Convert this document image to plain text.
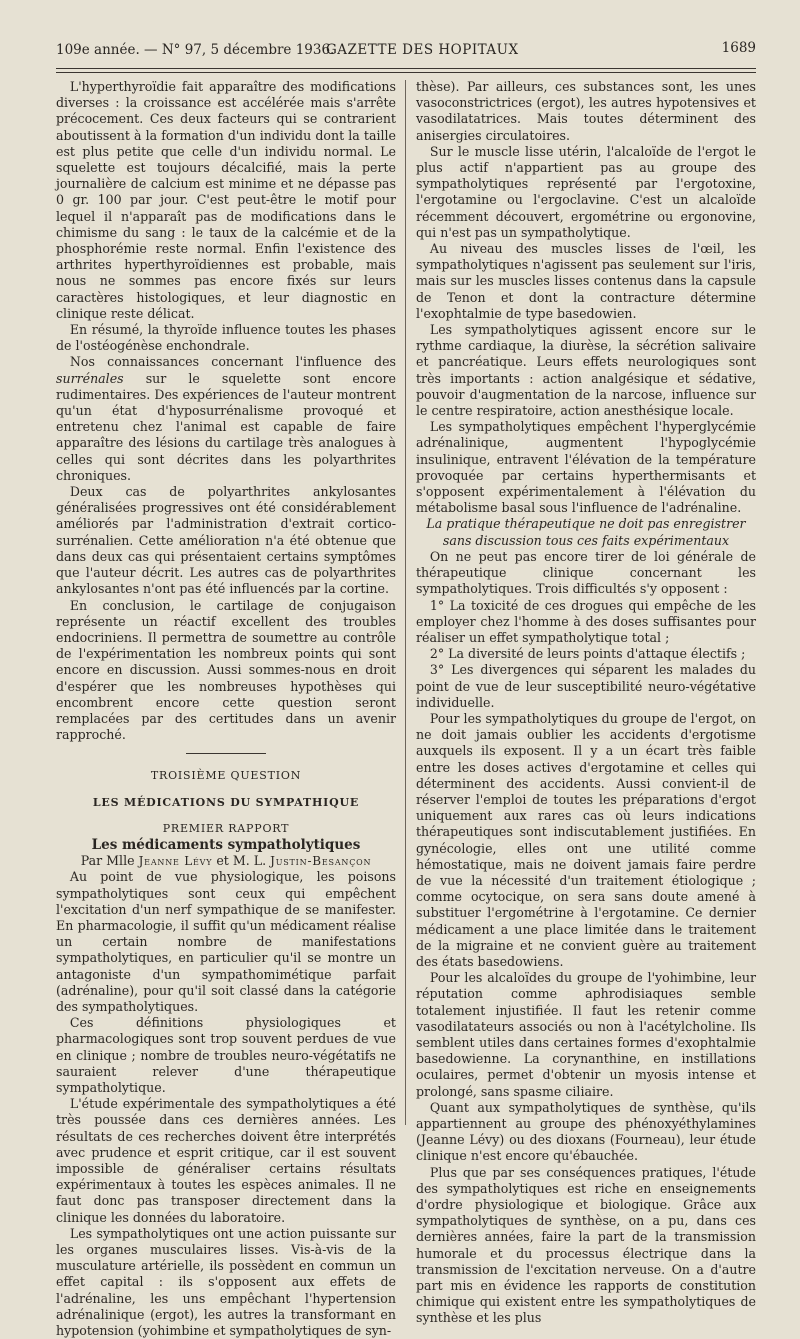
109e année. — N° 97, 5 décembre 1936.
GAZETTE DES HOPITAUX	1689

L'hyperthyroïdie fait apparaître des modifications diverses : la croissance est accélérée mais s'arrête précocement. Ces deux facteurs qui se contrarient aboutissent à la formation d'un individu dont la taille est plus petite que celle d'un individu normal. Le squelette est toujours décalcifié, mais la perte journalière de calcium est minime et ne dépasse pas 0 gr. 100 par jour. C'est peut-être le motif pour lequel il n'apparaît pas de modifications dans le chimisme du sang : le taux de la calcémie et de la phosphorémie reste normal. Enfin l'existence des arthrites hyperthyroïdiennes est probable, mais nous ne sommes pas encore fixés sur leurs caractères histologiques, et leur diagnostic en clinique reste délicat.

En résumé, la thyroïde influence toutes les phases de l'ostéogénèse enchondrale.

Nos connaissances concernant l'influence des surrénales sur le squelette sont encore rudimentaires. Des expériences de l'auteur montrent qu'un état d'hyposurrénalisme provoqué et entretenu chez l'animal est capable de faire apparaître des lésions du cartilage très analogues à celles qui sont décrites dans les polyarthrites chroniques.

Deux cas de polyarthrites ankylosantes généralisées progressives ont été considérablement améliorés par l'administration d'extrait cortico-surrénalien. Cette amélioration n'a été obtenue que dans deux cas qui présentaient certains symptômes que l'auteur décrit. Les autres cas de polyarthrites ankylosantes n'ont pas été influencés par la cortine.

En conclusion, le cartilage de conjugaison représente un réactif excellent des troubles endocriniens. Il permettra de soumettre au contrôle de l'expérimentation les nombreux points qui sont encore en discussion. Aussi sommes-nous en droit d'espérer que les nombreuses hypothèses qui encombrent encore cette question seront remplacées par des certitudes dans un avenir rapproché.

TROISIÈME QUESTION

LES MÉDICATIONS DU SYMPATHIQUE

PREMIER RAPPORT

Les médicaments sympatholytiques

Par Mlle Jeanne Lévy et M. L. Justin-Besançon

Au point de vue physiologique, les poisons sympatholytiques sont ceux qui empêchent l'excitation d'un nerf sympathique de se manifester. En pharmacologie, il suffit qu'un médicament réalise un certain nombre de manifestations sympatholytiques, en particulier qu'il se montre un antagoniste d'un sympathomimétique parfait (adrénaline), pour qu'il soit classé dans la catégorie des sympatholytiques.

Ces définitions physiologiques et pharmacologiques sont trop souvent perdues de vue en clinique ; nombre de troubles neuro-végétatifs ne sauraient relever d'une thérapeutique sympatholytique.

L'étude expérimentale des sympatholytiques a été très poussée dans ces dernières années. Les résultats de ces recherches doivent être interprétés avec prudence et esprit critique, car il est souvent impossible de généraliser certains résultats expérimentaux à toutes les espèces animales. Il ne faut donc pas transposer directement dans la clinique les données du laboratoire.

Les sympatholytiques ont une action puissante sur les organes musculaires lisses. Vis-à-vis de la musculature artérielle, ils possèdent en commun un effet capital : ils s'opposent aux effets de l'adrénaline, les uns empêchant l'hypertension adrénalinique (ergot), les autres la transformant en hypotension (yohimbine et sympatholytiques de syn-

thèse). Par ailleurs, ces substances sont, les unes vasoconstrictrices (ergot), les autres hypotensives et vasodilatatrices. Mais toutes déterminent des anisergies circulatoires.

Sur le muscle lisse utérin, l'alcaloïde de l'ergot le plus actif n'appartient pas au groupe des sympatholytiques représenté par l'ergotoxine, l'ergotamine ou l'ergoclavine. C'est un alcaloïde récemment découvert, ergométrine ou ergonovine, qui n'est pas un sympatholytique.

Au niveau des muscles lisses de l'œil, les sympatholytiques n'agissent pas seulement sur l'iris, mais sur les muscles lisses contenus dans la capsule de Tenon et dont la contracture détermine l'exophtalmie de type basedowien.

Les sympatholytiques agissent encore sur le rythme cardiaque, la diurèse, la sécrétion salivaire et pancréatique. Leurs effets neurologiques sont très importants : action analgésique et sédative, pouvoir d'augmentation de la narcose, influence sur le centre respiratoire, action anesthésique locale.

Les sympatholytiques empêchent l'hyperglycémie adrénalinique, augmentent l'hypoglycémie insulinique, entravent l'élévation de la température provoquée par certains hyperthermisants et s'opposent expérimentalement à l'élévation du métabolisme basal sous l'influence de l'adrénaline.

La pratique thérapeutique ne doit pas enregistrer sans discussion tous ces faits expérimentaux

On ne peut pas encore tirer de loi générale de thérapeutique clinique concernant les sympatholytiques. Trois difficultés s'y opposent :

1° La toxicité de ces drogues qui empêche de les employer chez l'homme à des doses suffisantes pour réaliser un effet sympatholytique total ;

2° La diversité de leurs points d'attaque électifs ;

3° Les divergences qui séparent les malades du point de vue de leur susceptibilité neuro-végétative individuelle.

Pour les sympatholytiques du groupe de l'ergot, on ne doit jamais oublier les accidents d'ergotisme auxquels ils exposent. Il y a un écart très faible entre les doses actives d'ergotamine et celles qui déterminent des accidents. Aussi convient-il de réserver l'emploi de toutes les préparations d'ergot uniquement aux rares cas où leurs indications thérapeutiques sont indiscutablement justifiées. En gynécologie, elles ont une utilité comme hémostatique, mais ne doivent jamais faire perdre de vue la nécessité d'un traitement étiologique ; comme ocytocique, on sera sans doute amené à substituer l'ergométrine à l'ergotamine. Ce dernier médicament a une place limitée dans le traitement de la migraine et ne convient guère au traitement des états basedowiens.

Pour les alcaloïdes du groupe de l'yohimbine, leur réputation comme aphrodisiaques semble totalement injustifiée. Il faut les retenir comme vasodilatateurs associés ou non à l'acétylcholine. Ils semblent utiles dans certaines formes d'exophtalmie basedowienne. La corynanthine, en instillations oculaires, permet d'obtenir un myosis intense et prolongé, sans spasme ciliaire.

Quant aux sympatholytiques de synthèse, qu'ils appartiennent au groupe des phénoxyéthylamines (Jeanne Lévy) ou des dioxans (Fourneau), leur étude clinique n'est encore qu'ébauchée.

Plus que par ses conséquences pratiques, l'étude des sympatholytiques est riche en enseignements d'ordre physiologique et biologique. Grâce aux sympatholytiques de synthèse, on a pu, dans ces dernières années, faire la part de la transmission humorale et du processus électrique dans la transmission de l'excitation nerveuse. On a d'autre part mis en évidence les rapports de constitution chimique qui existent entre les sympatholytiques de synthèse et les plus
